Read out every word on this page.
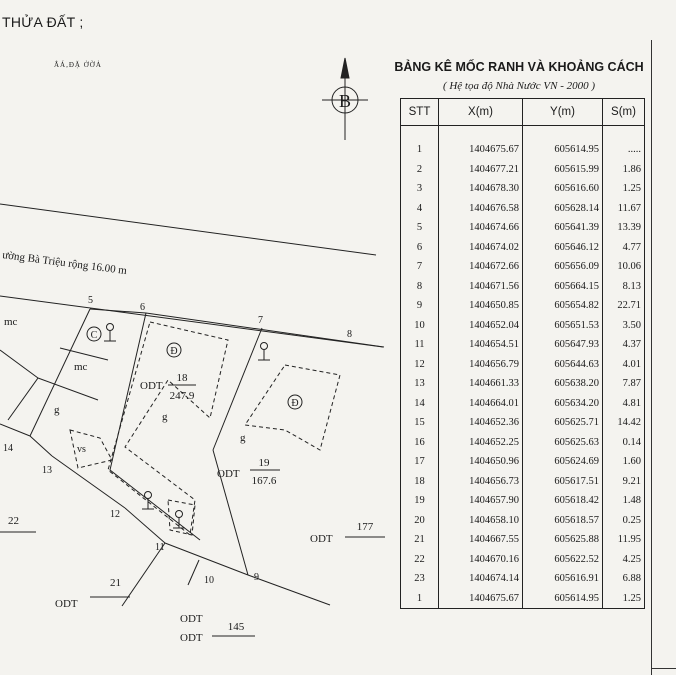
THỬA ĐẤT ;
ẮÁ,ĐẶ ỞỜẢ
ường Bà Triệu rộng 16.00 m
B
5
6
7
8
9
10
11
12
13
14
mc
mc
g
g
g
vs
C
Đ
Đ
ODT
18
247.9
ODT
19
167.6
22
ODT
177
21
ODT
ODT
ODT
145
BẢNG KÊ MỐC RANH VÀ KHOẢNG CÁCH
( Hệ tọa độ Nhà Nước VN - 2000 )
STT	X(m)	Y(m)	S(m)

1	1404675.67	605614.95	.....
2	1404677.21	605615.99	1.86
3	1404678.30	605616.60	1.25
4	1404676.58	605628.14	11.67
5	1404674.66	605641.39	13.39
6	1404674.02	605646.12	4.77
7	1404672.66	605656.09	10.06
8	1404671.56	605664.15	8.13
9	1404650.85	605654.82	22.71
10	1404652.04	605651.53	3.50
11	1404654.51	605647.93	4.37
12	1404656.79	605644.63	4.01
13	1404661.33	605638.20	7.87
14	1404664.01	605634.20	4.81
15	1404652.36	605625.71	14.42
16	1404652.25	605625.63	0.14
17	1404650.96	605624.69	1.60
18	1404656.73	605617.51	9.21
19	1404657.90	605618.42	1.48
20	1404658.10	605618.57	0.25
21	1404667.55	605625.88	11.95
22	1404670.16	605622.52	4.25
23	1404674.14	605616.91	6.88
1	1404675.67	605614.95	1.25
